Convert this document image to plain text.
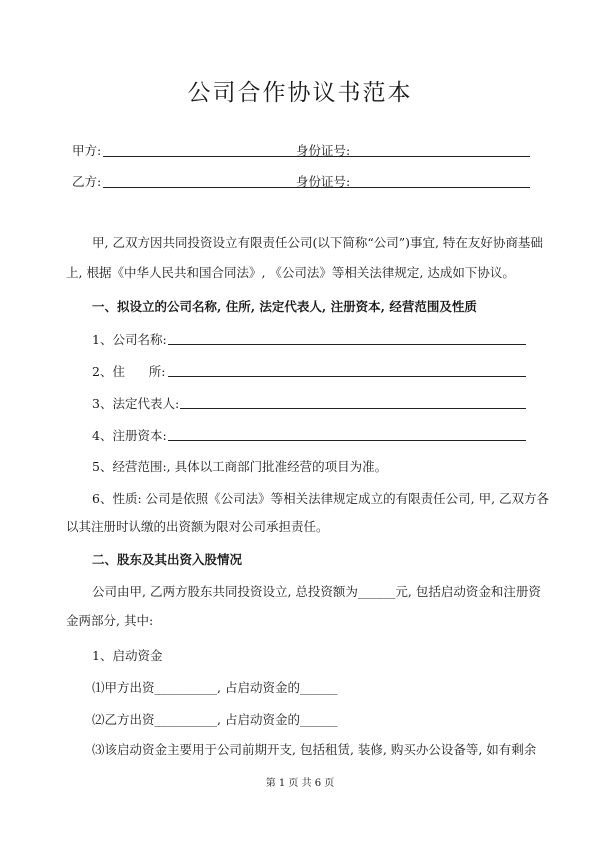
公司合作协议书范本
甲方:	身份证号:
乙方:	身份证号:
甲, 乙双方因共同投资设立有限责任公司(以下简称“公司”)事宜, 特在友好协商基础
上, 根据《中华人民共和国合同法》, 《公司法》等相关法律规定, 达成如下协议。
一、拟设立的公司名称, 住所, 法定代表人, 注册资本, 经营范围及性质
1、公司名称:
2、住      所:
3、法定代表人:
4、注册资本:
5、经营范围:, 具体以工商部门批准经营的项目为准。
6、性质: 公司是依照《公司法》等相关法律规定成立的有限责任公司, 甲, 乙双方各
以其注册时认缴的出资额为限对公司承担责任。
二、股东及其出资入股情况
公司由甲, 乙两方股东共同投资设立, 总投资额为______元, 包括启动资金和注册资
金两部分, 其中:
1、启动资金
⑴甲方出资__________, 占启动资金的______
⑵乙方出资__________, 占启动资金的______
⑶该启动资金主要用于公司前期开支, 包括租赁, 装修, 购买办公设备等, 如有剩余
第 1 页 共 6 页
